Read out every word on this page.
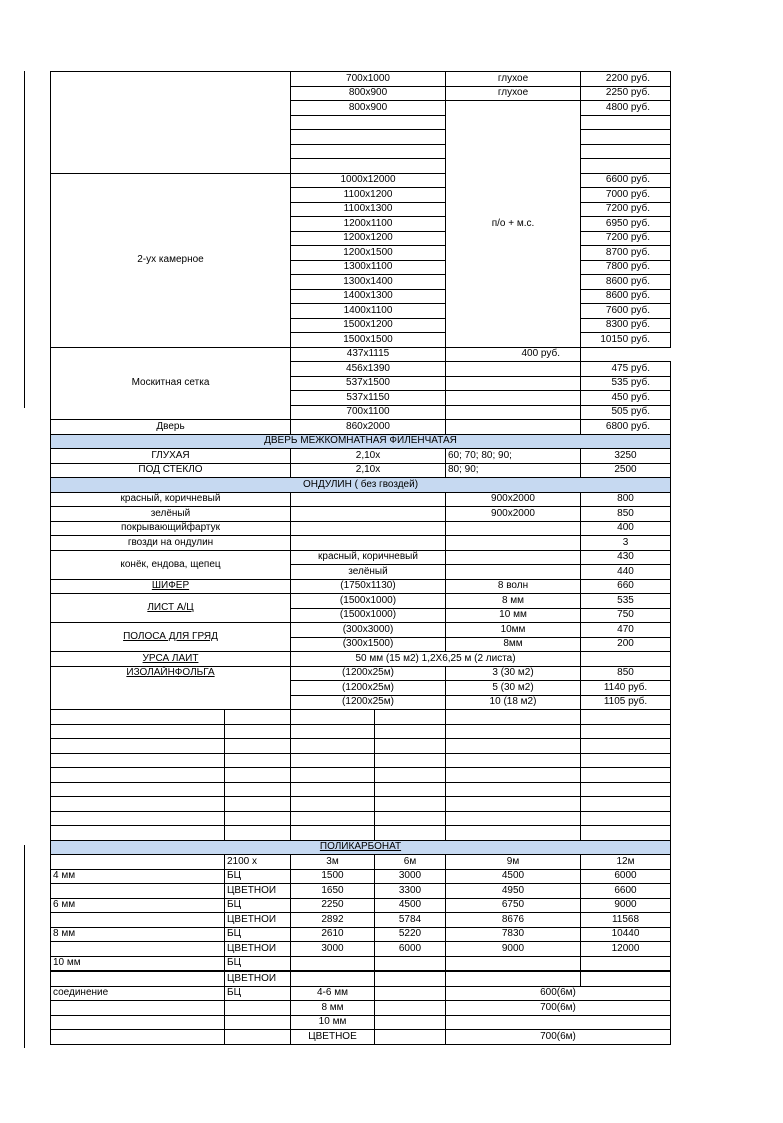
		700x1000		глухое	2200 руб.
		800x900		глухое	2250 руб.
		800x900		п/о + м.с.	4800 руб.

2-ух камерное		1000x12000			6600 руб.
		1100x1200			7000 руб.
		1100x1300			7200 руб.
		1200x1100			6950 руб.
		1200x1200			7200 руб.
		1200x1500			8700 руб.
		1300x1100			7800 руб.
		1300x1400			8600 руб.
		1400x1300			8600 руб.
		1400x1100			7600 руб.
		1500x1200			8300 руб.
		1500x1500			10150 руб.
Москитная сетка		437x1115		400 руб.	
		456x1390			475 руб.
		537x1500			535 руб.
		537x1150			450 руб.
		700x1100			505 руб.
Дверь		860x2000			6800 руб.
ДВЕРЬ МЕЖКОМНАТНАЯ ФИЛЕНЧАТАЯ					
ГЛУХАЯ		2,10х		60; 70; 80; 90;	3250
ПОД СТЕКЛО		2,10х		80; 90;	2500
ОНДУЛИН ( без гвоздей)					
красный, коричневый				900x2000	800
зелёный				900x2000	850
покрывающийфартук					400
гвозди на ондулин					3
конёк, ендова, щепец		красный, коричневый			430
		зелёный			440
ШИФЕР		(1750x1130)		8 волн	660
ЛИСТ А/Ц		(1500x1000)		8 мм	535
		(1500x1000)		10 мм	750
ПОЛОСА ДЛЯ ГРЯД		(300x3000)		10мм	470
		(300x1500)		8мм	200
УРСА ЛАИТ		50 мм (15 м2) 1,2Х6,25 м (2 листа)			
ИЗОЛАЙНФОЛЬГА		(1200x25м)		3 (30 м2)	850
		(1200x25м)		5 (30 м2)	1140 руб.
		(1200x25м)		10 (18 м2)	1105 руб.

ПОЛИКАРБОНАТ					
	2100 х	3м	6м	9м	12м
4 мм	БЦ	1500	3000	4500	6000
	ЦВЕТНОИ	1650	3300	4950	6600
6 мм	БЦ	2250	4500	6750	9000
	ЦВЕТНОИ	2892	5784	8676	11568
8 мм	БЦ	2610	5220	7830	10440
	ЦВЕТНОИ	3000	6000	9000	12000
10 мм	БЦ				
	ЦВЕТНОИ				
соединение	БЦ	4-6 мм		600(6м)	
		8 мм		700(6м)	
		10 мм			
		ЦВЕТНОЕ		700(6м)	
